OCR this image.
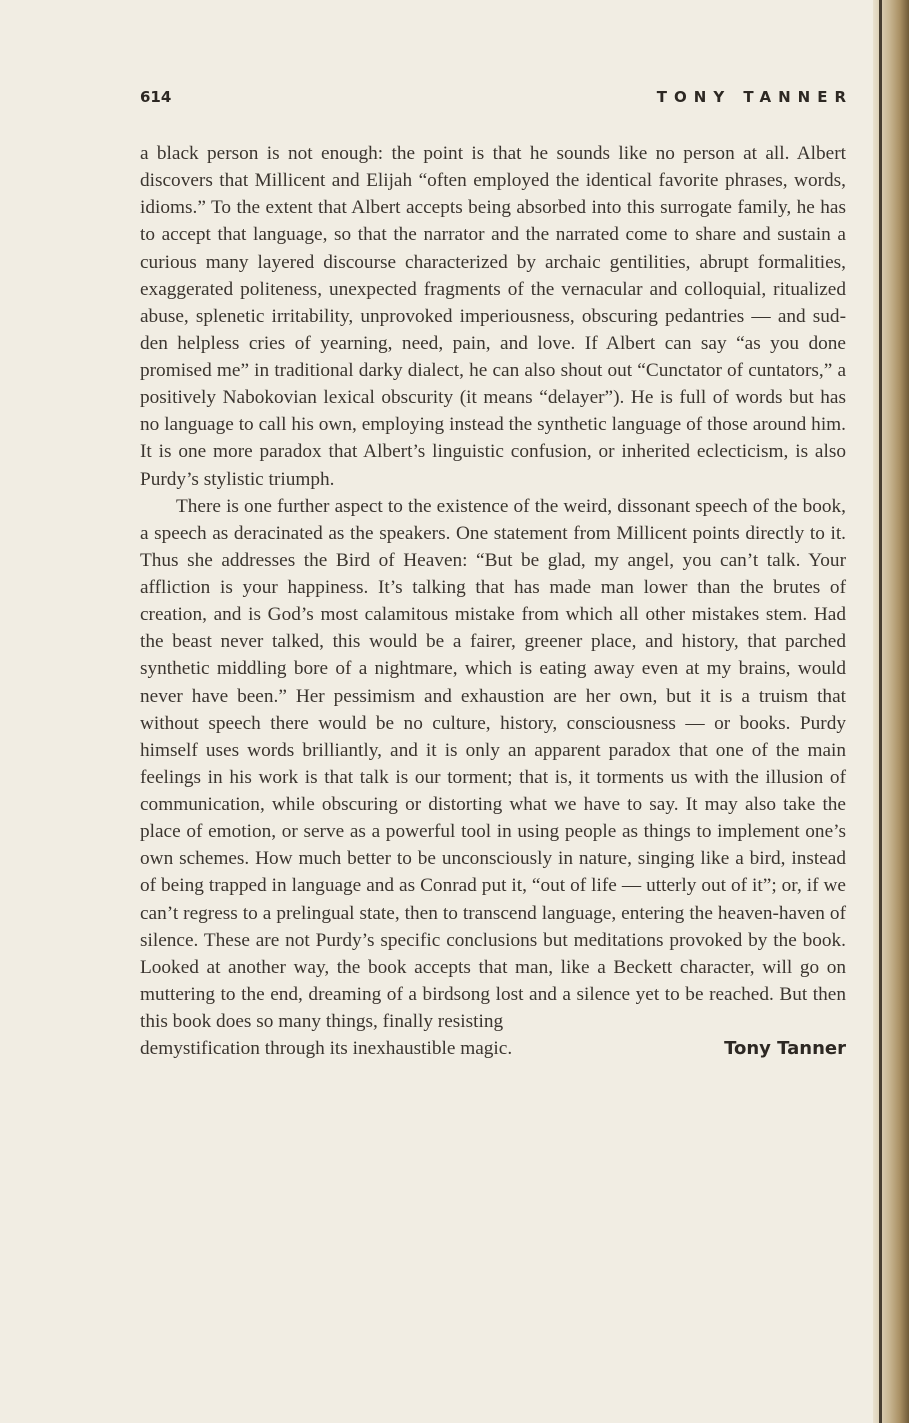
614	TONY TANNER

a black person is not enough: the point is that he sounds like no person at all. Albert discovers that Millicent and Elijah “often employed the identical favorite phrases, words, idioms.” To the extent that Albert accepts being absorbed into this surrogate family, he has to accept that language, so that the narrator and the narrated come to share and sustain a curious many layered discourse characterized by archaic gentilities, abrupt formalities, exaggerated politeness, unexpected fragments of the vernacular and colloquial, ritualized abuse, splenetic irritability, unprovoked imperiousness, obscuring pedantries — and sudden helpless cries of yearning, need, pain, and love. If Albert can say “as you done promised me” in traditional darky dialect, he can also shout out “Cunctator of cuntators,” a positively Nabokovian lexical obscurity (it means “delayer”). He is full of words but has no language to call his own, employing instead the synthetic language of those around him. It is one more paradox that Albert’s linguistic confusion, or inherited eclecticism, is also Purdy’s stylistic triumph.

There is one further aspect to the existence of the weird, dissonant speech of the book, a speech as deracinated as the speakers. One statement from Millicent points directly to it. Thus she addresses the Bird of Heaven: “But be glad, my angel, you can’t talk. Your affliction is your happiness. It’s talking that has made man lower than the brutes of creation, and is God’s most calamitous mistake from which all other mistakes stem. Had the beast never talked, this would be a fairer, greener place, and history, that parched synthetic middling bore of a nightmare, which is eating away even at my brains, would never have been.” Her pessimism and exhaustion are her own, but it is a truism that without speech there would be no culture, history, consciousness — or books. Purdy himself uses words brilliantly, and it is only an apparent paradox that one of the main feelings in his work is that talk is our torment; that is, it torments us with the illusion of communication, while obscuring or distorting what we have to say. It may also take the place of emotion, or serve as a powerful tool in using people as things to implement one’s own schemes. How much better to be unconsciously in nature, singing like a bird, instead of being trapped in language and as Conrad put it, “out of life — utterly out of it”; or, if we can’t regress to a prelingual state, then to transcend language, entering the heaven-haven of silence. These are not Purdy’s specific conclusions but meditations provoked by the book. Looked at another way, the book accepts that man, like a Beckett character, will go on muttering to the end, dreaming of a birdsong lost and a silence yet to be reached. But then this book does so many things, finally resisting

demystification through its inexhaustible magic.	Tony Tanner
